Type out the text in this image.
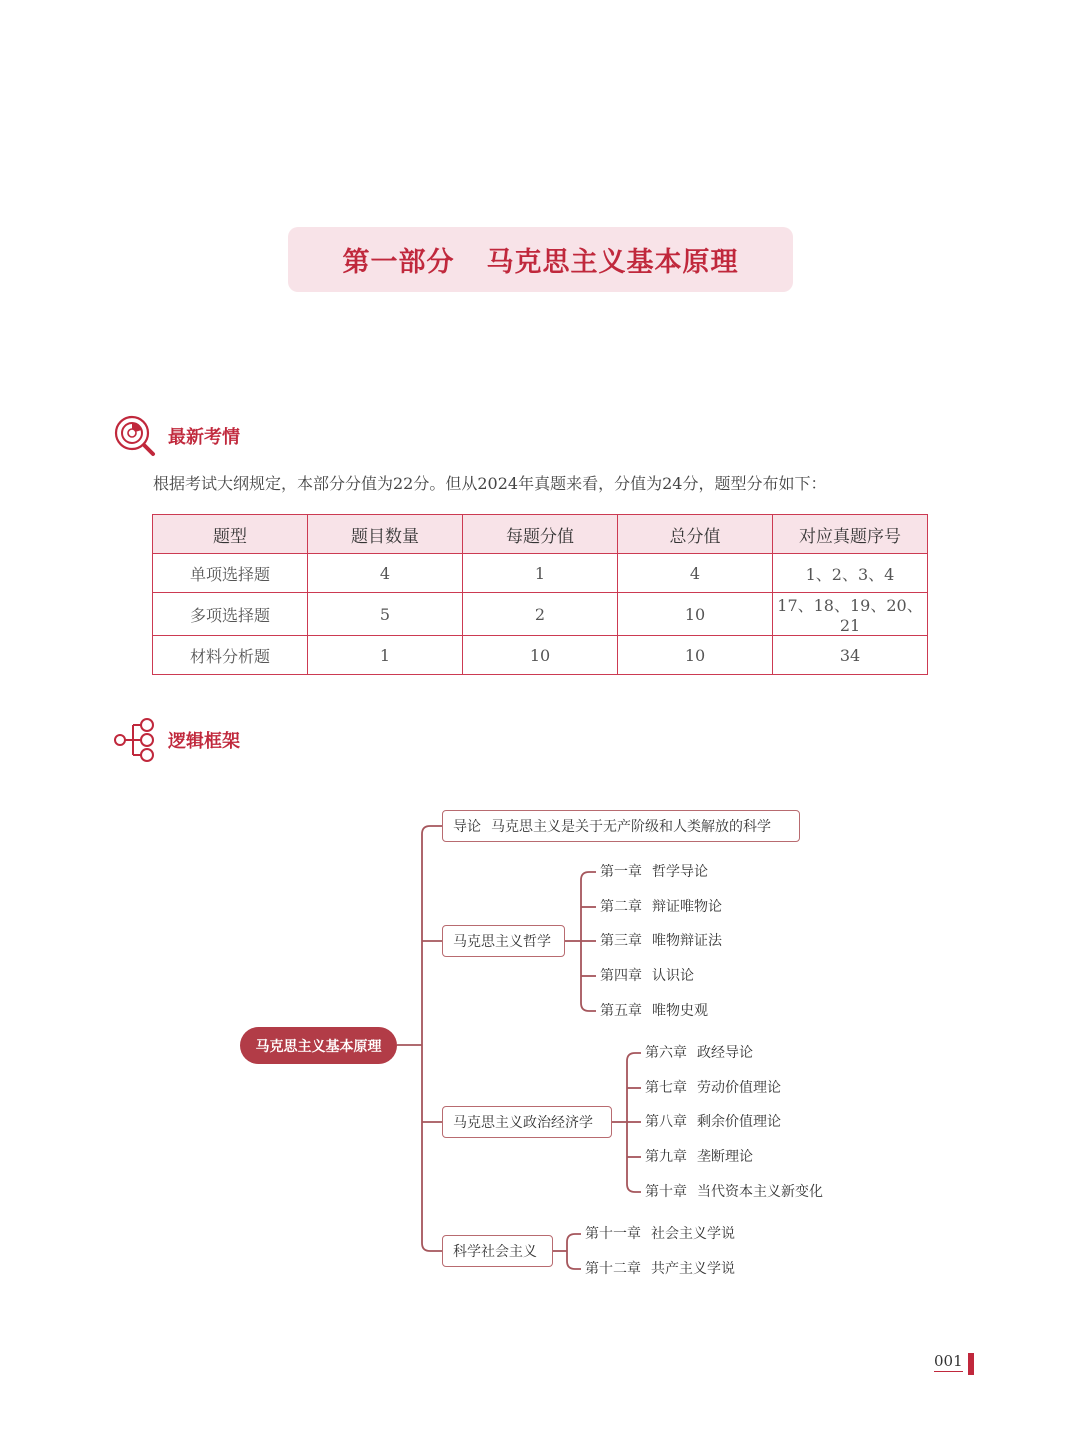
第一部分 马克思主义基本原理
最新考情
根据考试大纲规定，本部分分值为22分。但从2024年真题来看，分值为24分，题型分布如下：
题型	题目数量	每题分值	总分值	对应真题序号
单项选择题	4	1	4	1、2、3、4
多项选择题	5	2	10	17、18、19、20、21
材料分析题	1	10	10	34
逻辑框架
马克思主义基本原理
导论 马克思主义是关于无产阶级和人类解放的科学
马克思主义哲学
第一章 哲学导论
第二章 辩证唯物论
第三章 唯物辩证法
第四章 认识论
第五章 唯物史观
马克思主义政治经济学
第六章 政经导论
第七章 劳动价值理论
第八章 剩余价值理论
第九章 垄断理论
第十章 当代资本主义新变化
科学社会主义
第十一章 社会主义学说
第十二章 共产主义学说
001
